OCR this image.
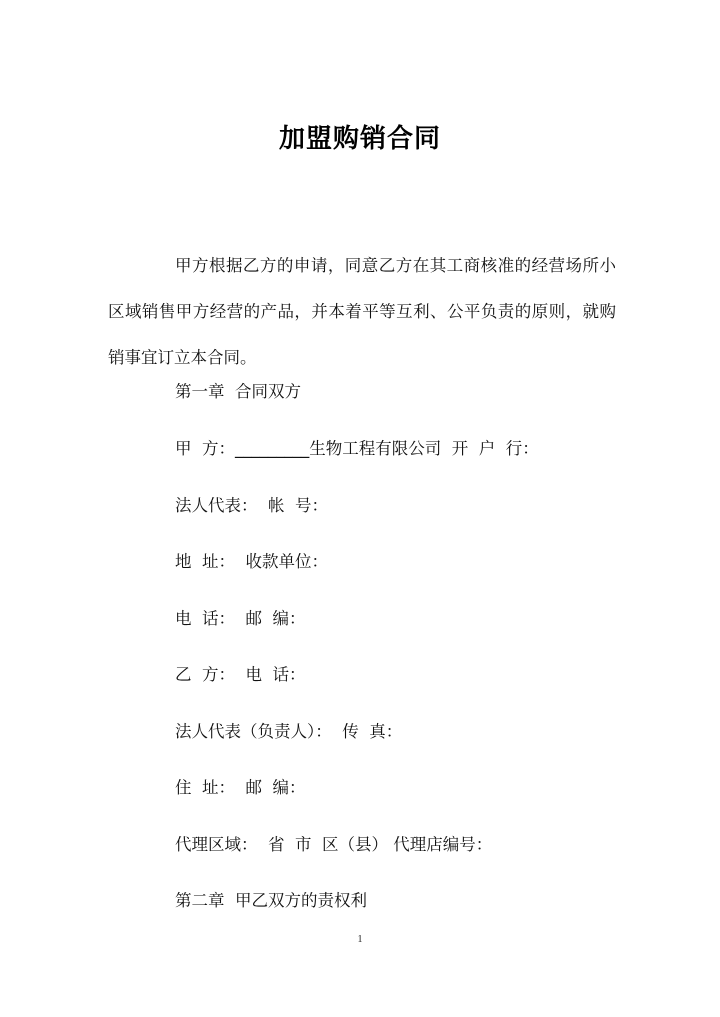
加盟购销合同
甲方根据乙方的申请，同意乙方在其工商核准的经营场所小区域销售甲方经营的产品，并本着平等互利、公平负责的原则，就购销事宜订立本合同。
第一章  合同双方
甲  方：_________生物工程有限公司  开  户  行：
法人代表：  帐  号：
地  址：  收款单位：
电  话：  邮  编：
乙  方：  电  话：
法人代表（负责人）：  传  真：
住  址：  邮  编：
代理区域：  省  市  区（县） 代理店编号：
第二章  甲乙双方的责权利
1
